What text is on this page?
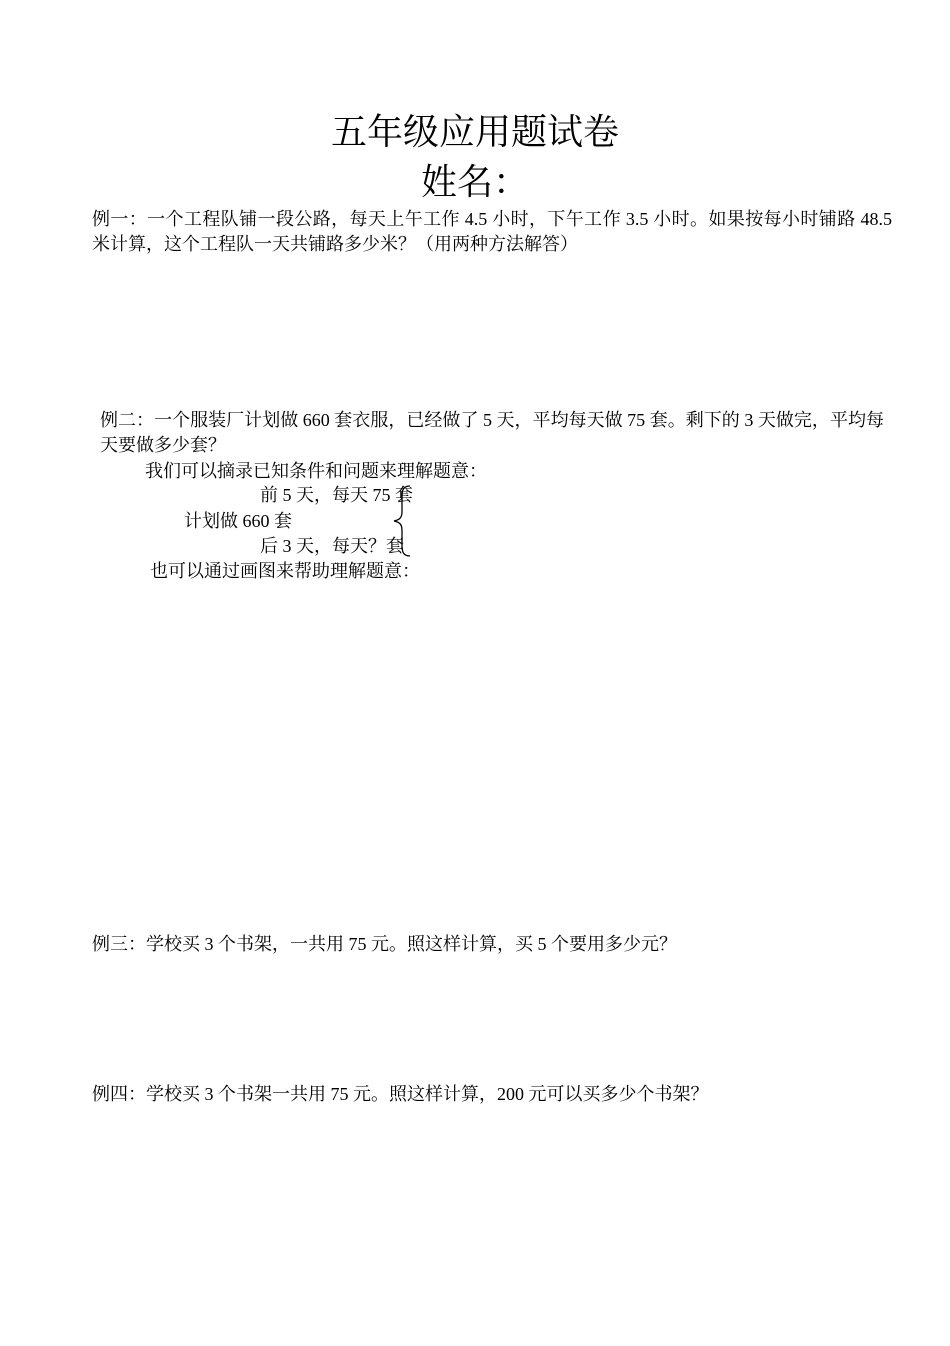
五年级应用题试卷
姓名：
例一：一个工程队铺一段公路，每天上午工作 4.5 小时，下午工作 3.5 小时。如果按每小时铺路 48.5 米计算，这个工程队一天共铺路多少米？（用两种方法解答）
例二：一个服装厂计划做 660 套衣服，已经做了 5 天，平均每天做 75 套。剩下的 3 天做完，平均每天要做多少套？
我们可以摘录已知条件和问题来理解题意：
前 5 天，每天 75 套
计划做 660 套
后 3 天，每天？套
也可以通过画图来帮助理解题意：
例三：学校买 3 个书架，一共用 75 元。照这样计算，买 5 个要用多少元？
例四：学校买 3 个书架一共用 75 元。照这样计算，200 元可以买多少个书架？
